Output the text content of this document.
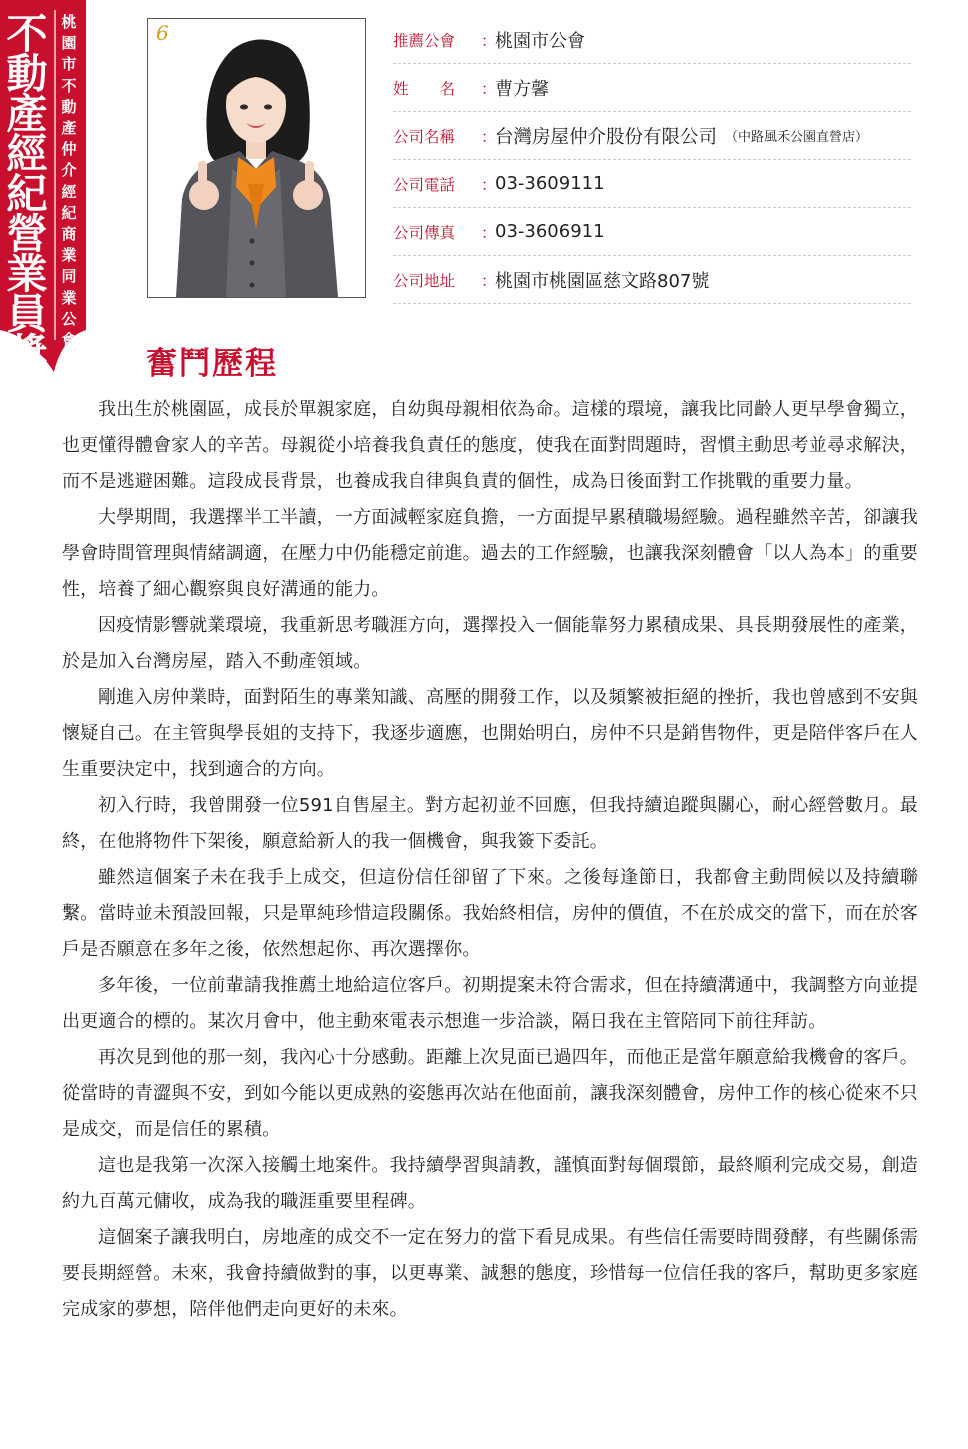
不
動
產
經
紀
營
業
員
獎
桃
園
市
不
動
產
仲
介
經
紀
商
業
同
業
公
會
6	推薦公會	：
桃園市公會
姓　　名	：
曹方馨
公司名稱	：
台灣房屋仲介股份有限公司 （中路風禾公園直營店）
公司電話	：
03-3609111
公司傳真	：
03-3606911
公司地址	：
桃園市桃園區慈文路807號
奮鬥歷程

我出生於桃園區，成長於單親家庭，自幼與母親相依為命。這樣的環境，讓我比同齡人更早學會獨立，也更懂得體會家人的辛苦。母親從小培養我負責任的態度，使我在面對問題時，習慣主動思考並尋求解決，而不是逃避困難。這段成長背景，也養成我自律與負責的個性，成為日後面對工作挑戰的重要力量。

大學期間，我選擇半工半讀，一方面減輕家庭負擔，一方面提早累積職場經驗。過程雖然辛苦，卻讓我學會時間管理與情緒調適，在壓力中仍能穩定前進。過去的工作經驗，也讓我深刻體會「以人為本」的重要性，培養了細心觀察與良好溝通的能力。

因疫情影響就業環境，我重新思考職涯方向，選擇投入一個能靠努力累積成果、具長期發展性的產業，於是加入台灣房屋，踏入不動產領域。

剛進入房仲業時，面對陌生的專業知識、高壓的開發工作，以及頻繁被拒絕的挫折，我也曾感到不安與懷疑自己。在主管與學長姐的支持下，我逐步適應，也開始明白，房仲不只是銷售物件，更是陪伴客戶在人生重要決定中，找到適合的方向。

初入行時，我曾開發一位591自售屋主。對方起初並不回應，但我持續追蹤與關心，耐心經營數月。最終，在他將物件下架後，願意給新人的我一個機會，與我簽下委託。

雖然這個案子未在我手上成交，但這份信任卻留了下來。之後每逢節日，我都會主動問候以及持續聯繫。當時並未預設回報，只是單純珍惜這段關係。我始終相信，房仲的價值，不在於成交的當下，而在於客戶是否願意在多年之後，依然想起你、再次選擇你。

多年後，一位前輩請我推薦土地給這位客戶。初期提案未符合需求，但在持續溝通中，我調整方向並提出更適合的標的。某次月會中，他主動來電表示想進一步洽談，隔日我在主管陪同下前往拜訪。

再次見到他的那一刻，我內心十分感動。距離上次見面已過四年，而他正是當年願意給我機會的客戶。從當時的青澀與不安，到如今能以更成熟的姿態再次站在他面前，讓我深刻體會，房仲工作的核心從來不只是成交，而是信任的累積。

這也是我第一次深入接觸土地案件。我持續學習與請教，謹慎面對每個環節，最終順利完成交易，創造約九百萬元傭收，成為我的職涯重要里程碑。

這個案子讓我明白，房地產的成交不一定在努力的當下看見成果。有些信任需要時間發酵，有些關係需要長期經營。未來，我會持續做對的事，以更專業、誠懇的態度，珍惜每一位信任我的客戶，幫助更多家庭完成家的夢想，陪伴他們走向更好的未來。
